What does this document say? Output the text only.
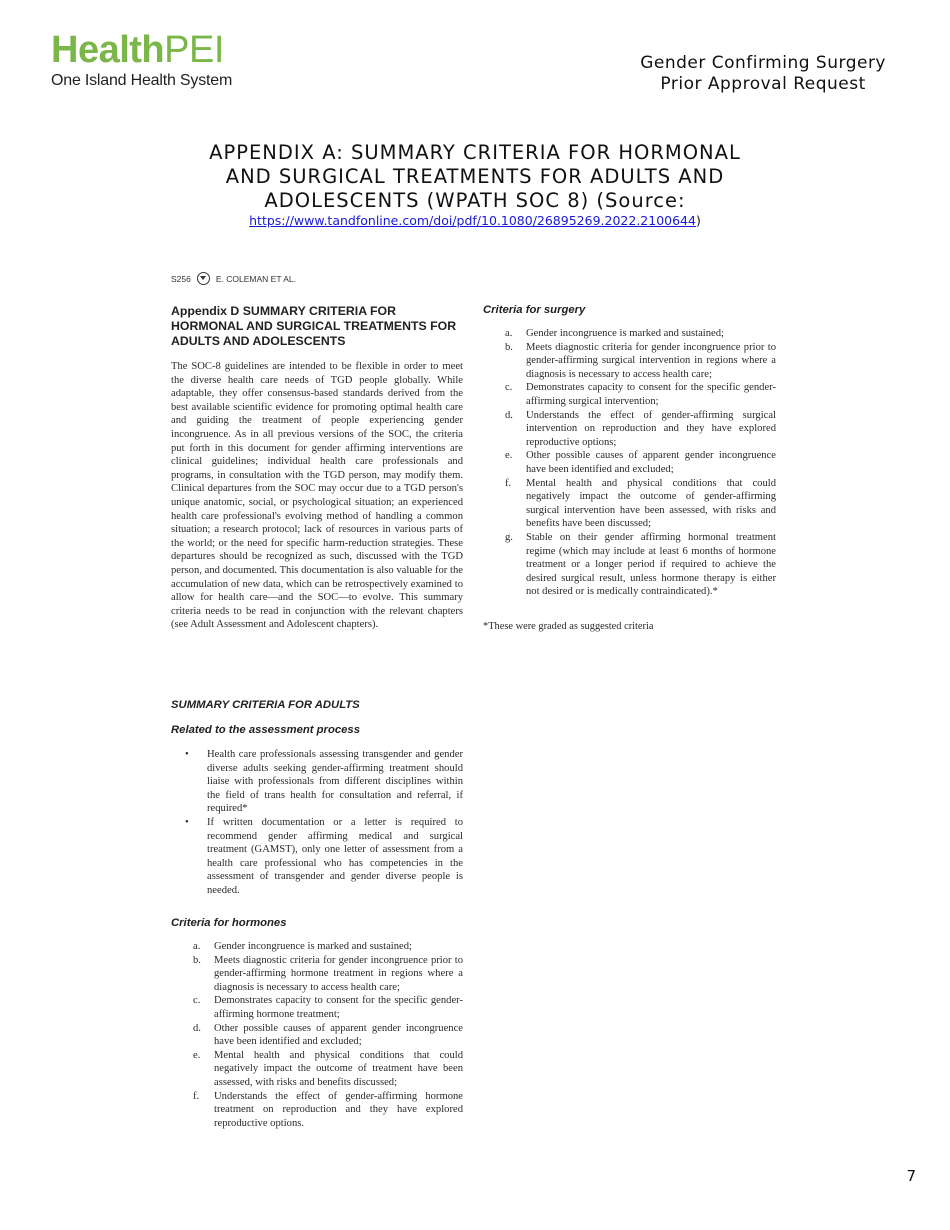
HealthPEI
One Island Health System
Gender Confirming Surgery
Prior Approval Request
APPENDIX A: SUMMARY CRITERIA FOR HORMONAL AND SURGICAL TREATMENTS FOR ADULTS AND ADOLESCENTS (WPATH SOC 8) (Source:
https://www.tandfonline.com/doi/pdf/10.1080/26895269.2022.2100644)
S256	E. COLEMAN ET AL.
Appendix D SUMMARY CRITERIA FOR HORMONAL AND SURGICAL TREATMENTS FOR ADULTS AND ADOLESCENTS
The SOC-8 guidelines are intended to be flexible in order to meet the diverse health care needs of TGD people globally. While adaptable, they offer consensus-based standards derived from the best available scientific evidence for promoting optimal health care and guiding the treatment of people experiencing gender incongruence. As in all previous versions of the SOC, the criteria put forth in this document for gender affirming interventions are clinical guidelines; individual health care professionals and programs, in consultation with the TGD person, may modify them. Clinical departures from the SOC may occur due to a TGD person's unique anatomic, social, or psychological situation; an experienced health care professional's evolving method of handling a common situation; a research protocol; lack of resources in various parts of the world; or the need for specific harm-reduction strategies. These departures should be recognized as such, discussed with the TGD person, and documented. This documentation is also valuable for the accumulation of new data, which can be retrospectively examined to allow for health care—and the SOC—to evolve. This summary criteria needs to be read in conjunction with the relevant chapters (see Adult Assessment and Adolescent chapters).
SUMMARY CRITERIA FOR ADULTS
Related to the assessment process
• Health care professionals assessing transgender and gender diverse adults seeking gender-affirming treatment should liaise with professionals from different disciplines within the field of trans health for consultation and referral, if required*
• If written documentation or a letter is required to recommend gender affirming medical and surgical treatment (GAMST), only one letter of assessment from a health care professional who has competencies in the assessment of transgender and gender diverse people is needed.
Criteria for hormones
a. Gender incongruence is marked and sustained;
b. Meets diagnostic criteria for gender incongruence prior to gender-affirming hormone treatment in regions where a diagnosis is necessary to access health care;
c. Demonstrates capacity to consent for the specific gender-affirming hormone treatment;
d. Other possible causes of apparent gender incongruence have been identified and excluded;
e. Mental health and physical conditions that could negatively impact the outcome of treatment have been assessed, with risks and benefits discussed;
f. Understands the effect of gender-affirming hormone treatment on reproduction and they have explored reproductive options.
Criteria for surgery
a. Gender incongruence is marked and sustained;
b. Meets diagnostic criteria for gender incongruence prior to gender-affirming surgical intervention in regions where a diagnosis is necessary to access health care;
c. Demonstrates capacity to consent for the specific gender-affirming surgical intervention;
d. Understands the effect of gender-affirming surgical intervention on reproduction and they have explored reproductive options;
e. Other possible causes of apparent gender incongruence have been identified and excluded;
f. Mental health and physical conditions that could negatively impact the outcome of gender-affirming surgical intervention have been assessed, with risks and benefits have been discussed;
g. Stable on their gender affirming hormonal treatment regime (which may include at least 6 months of hormone treatment or a longer period if required to achieve the desired surgical result, unless hormone therapy is either not desired or is medically contraindicated).*
*These were graded as suggested criteria
7
